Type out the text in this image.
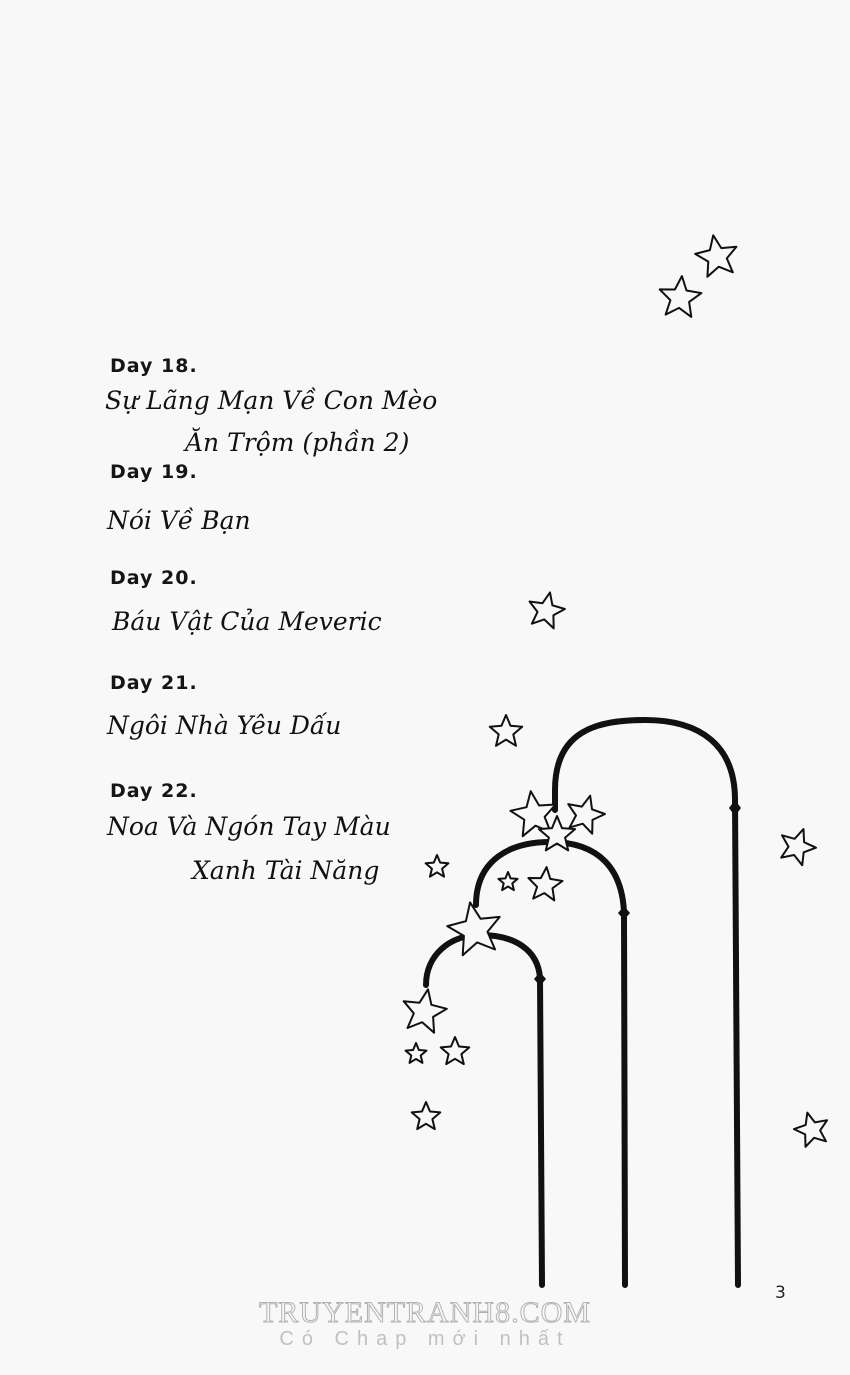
Day 18.
Sự Lãng Mạn Về Con Mèo
Ăn Trộm (phần 2)
Day 19.
Nói Về Bạn
Day 20.
Báu Vật Của Meveric
Day 21.
Ngôi Nhà Yêu Dấu
Day 22.
Noa Và Ngón Tay Màu
Xanh Tài Năng
3
TRUYENTRANH8.COM
Có Chap mới nhất
